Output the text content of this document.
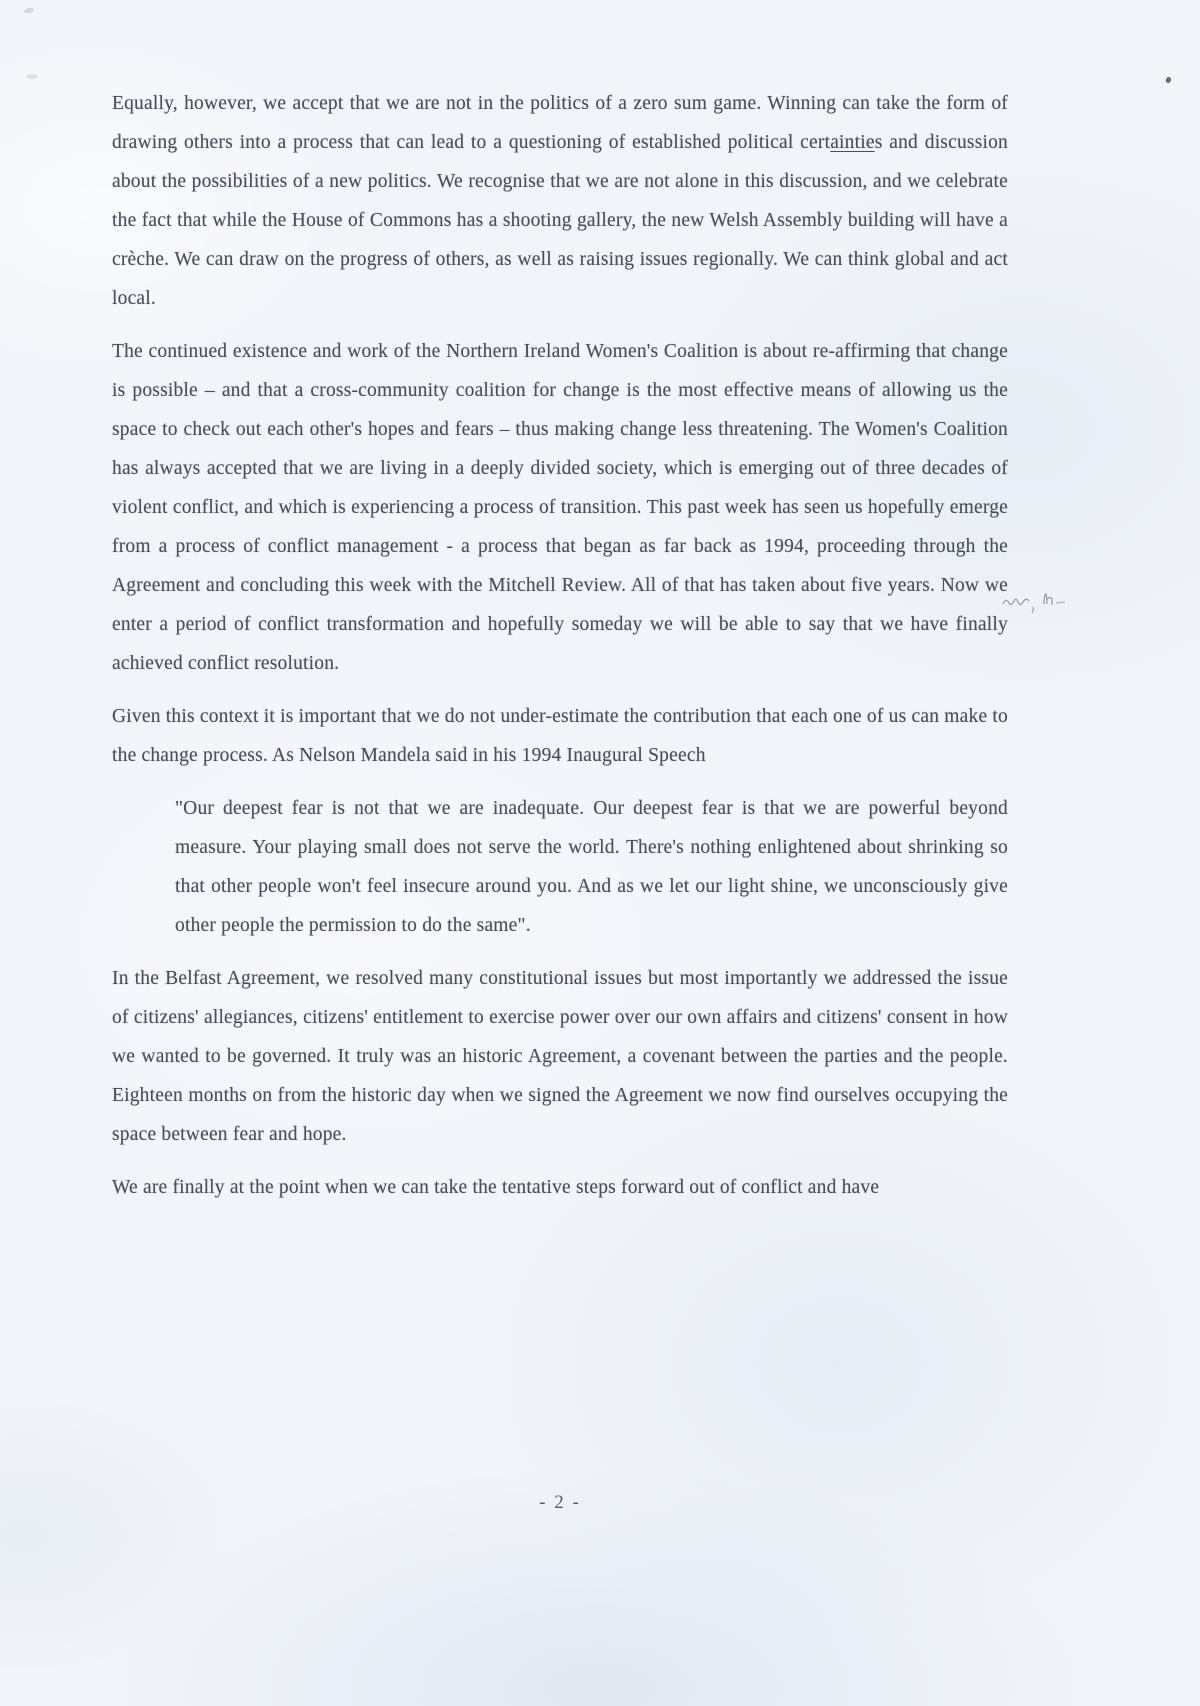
Equally, however, we accept that we are not in the politics of a zero sum game. Winning can take the form of drawing others into a process that can lead to a questioning of established political certainties and discussion about the possibilities of a new politics. We recognise that we are not alone in this discussion, and we celebrate the fact that while the House of Commons has a shooting gallery, the new Welsh Assembly building will have a crèche. We can draw on the progress of others, as well as raising issues regionally. We can think global and act local.

The continued existence and work of the Northern Ireland Women's Coalition is about re-affirming that change is possible – and that a cross-community coalition for change is the most effective means of allowing us the space to check out each other's hopes and fears – thus making change less threatening. The Women's Coalition has always accepted that we are living in a deeply divided society, which is emerging out of three decades of violent conflict, and which is experiencing a process of transition. This past week has seen us hopefully emerge from a process of conflict management - a process that began as far back as 1994, proceeding through the Agreement and concluding this week with the Mitchell Review. All of that has taken about five years. Now we enter a period of conflict transformation and hopefully someday we will be able to say that we have finally achieved conflict resolution.

Given this context it is important that we do not under-estimate the contribution that each one of us can make to the change process. As Nelson Mandela said in his 1994 Inaugural Speech

"Our deepest fear is not that we are inadequate. Our deepest fear is that we are powerful beyond measure. Your playing small does not serve the world. There's nothing enlightened about shrinking so that other people won't feel insecure around you. And as we let our light shine, we unconsciously give other people the permission to do the same".

In the Belfast Agreement, we resolved many constitutional issues but most importantly we addressed the issue of citizens' allegiances, citizens' entitlement to exercise power over our own affairs and citizens' consent in how we wanted to be governed. It truly was an historic Agreement, a covenant between the parties and the people. Eighteen months on from the historic day when we signed the Agreement we now find ourselves occupying the space between fear and hope.

We are finally at the point when we can take the tentative steps forward out of conflict and have

- 2 -
